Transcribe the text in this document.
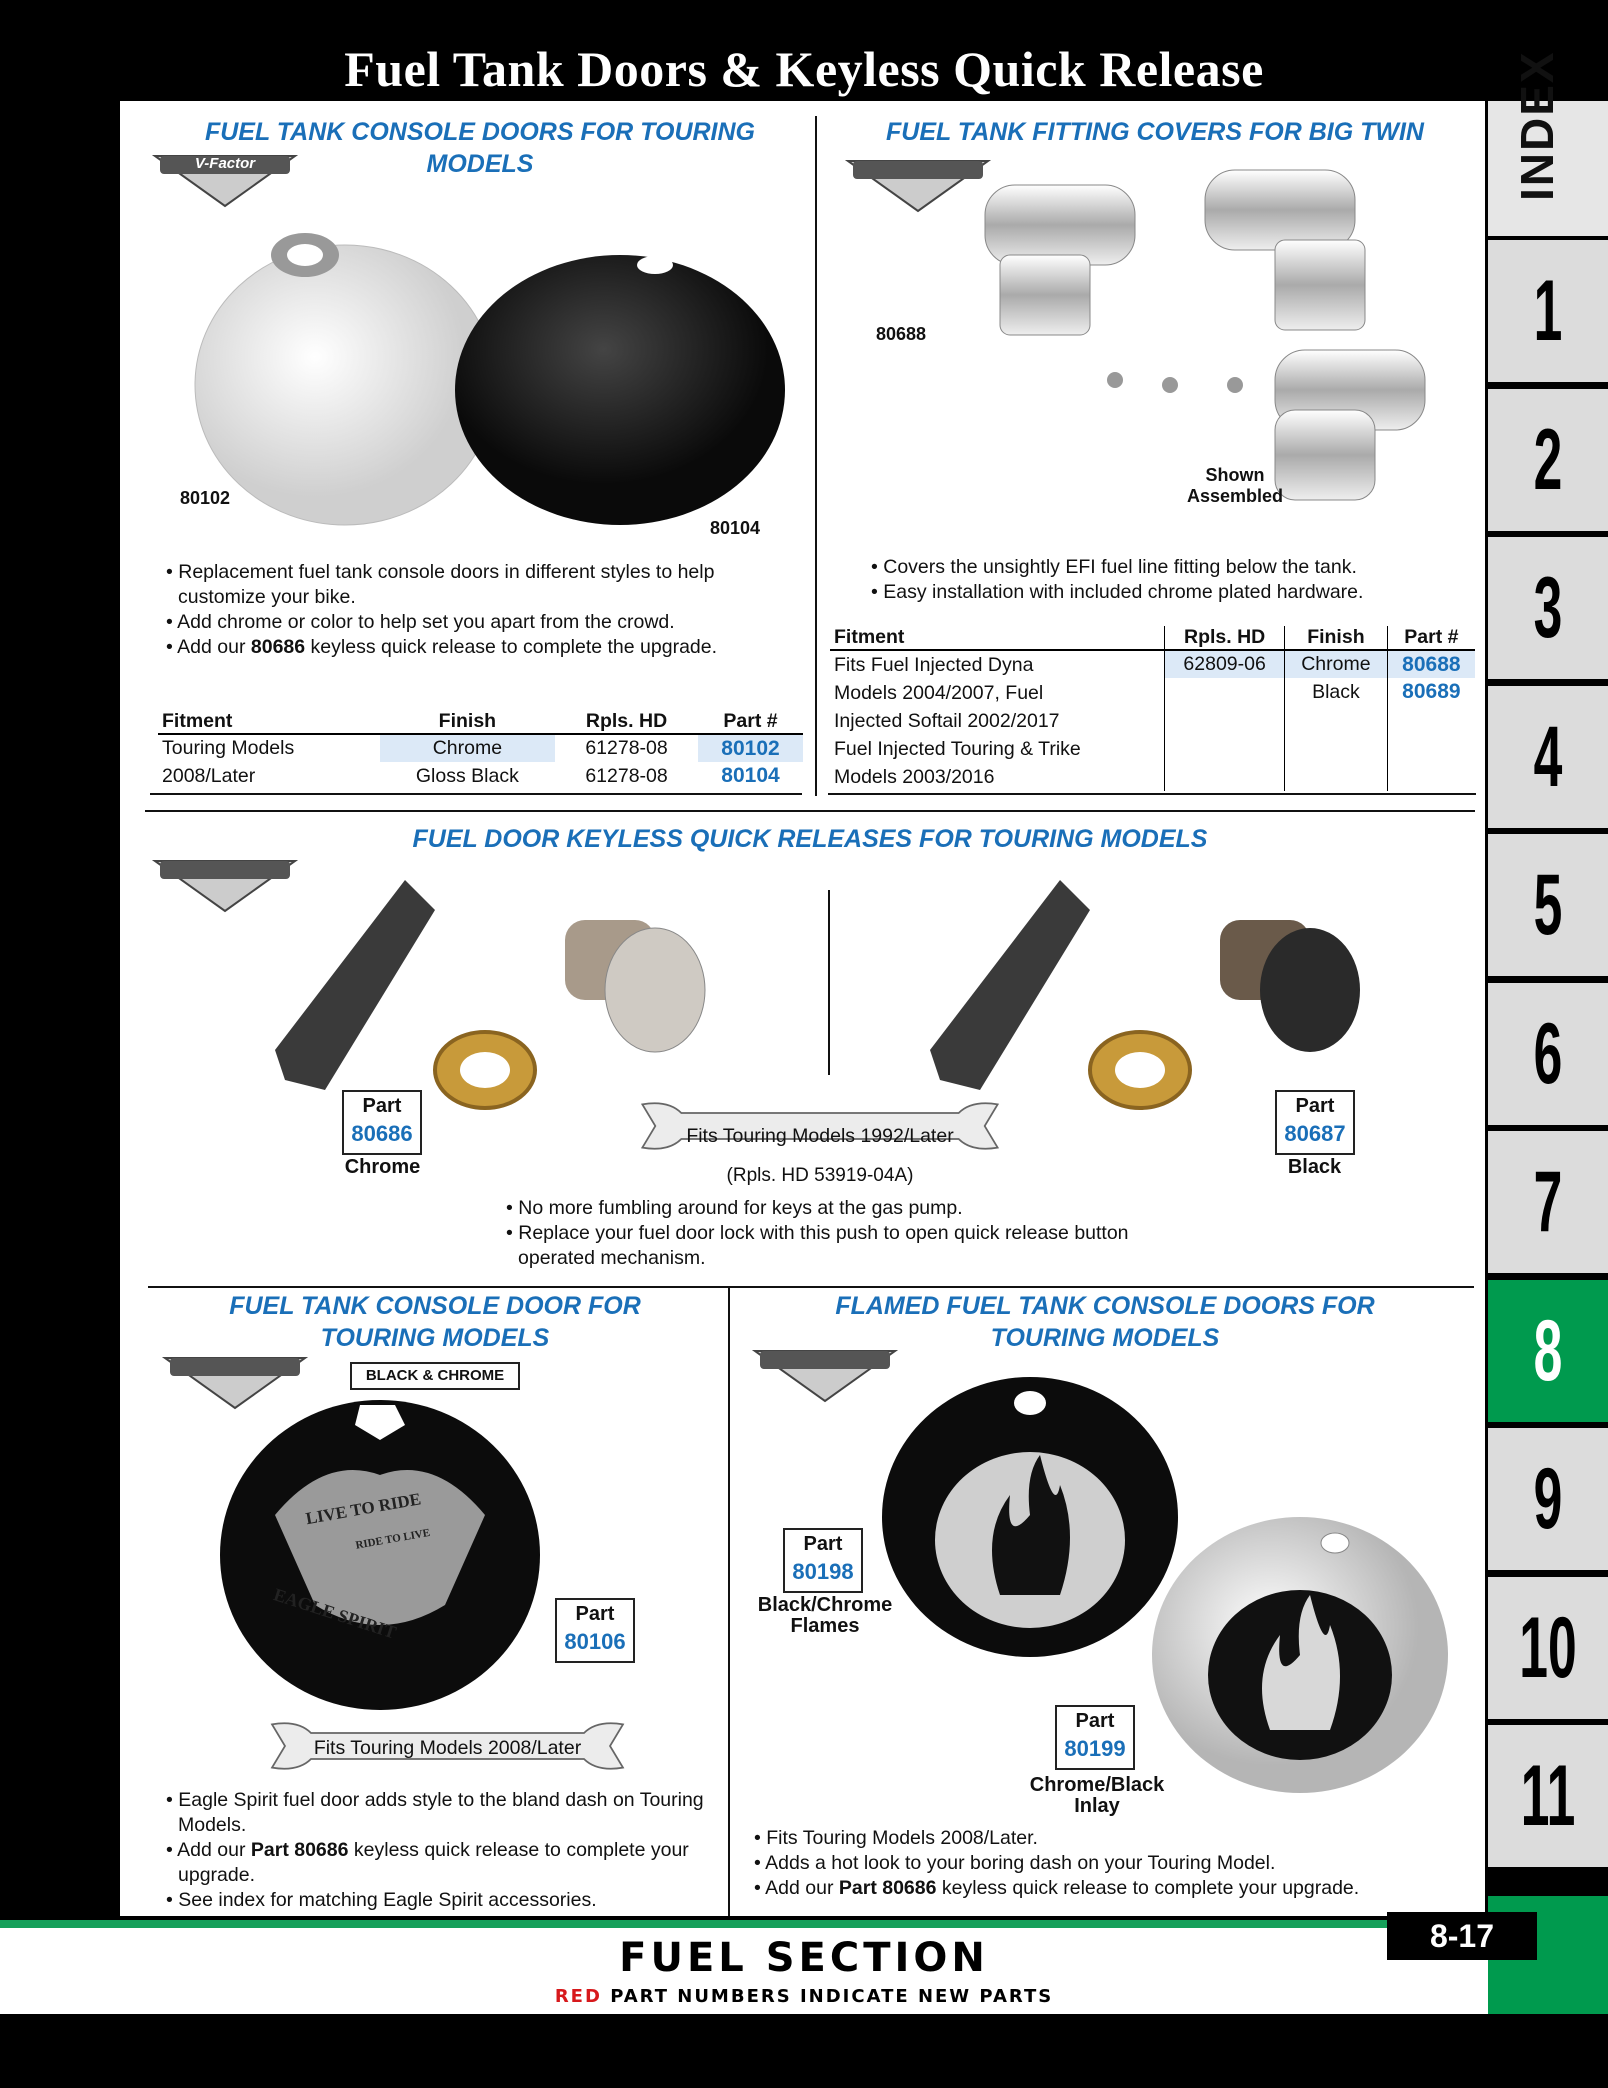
Fuel Tank Doors & Keyless Quick Release	INDEX
1
2
3
4
5
6
7
8
9
10
11
FUEL TANK CONSOLE DOORS FOR TOURING MODELS
V-Factor
80102
80104
• Replacement fuel tank console doors in different styles to help customize your bike.
• Add chrome or color to help set you apart from the crowd.
• Add our 80686 keyless quick release to complete the upgrade.
Fitment	Finish	Rpls. HD	Part #
Touring Models	Chrome	61278-08	80102
2008/Later	Gloss Black	61278-08	80104
FUEL TANK FITTING COVERS FOR BIG TWIN
80688
Shown
Assembled
• Covers the unsightly EFI fuel line fitting below the tank.
• Easy installation with included chrome plated hardware.
Fitment	Rpls. HD	Finish	Part #

Fits Fuel Injected Dyna
Models 2004/2007, Fuel
Injected Softail 2002/2017
Fuel Injected Touring & Trike
Models 2003/2016	62809-06	Chrome	80688
		Black	80689

FUEL DOOR KEYLESS QUICK RELEASES FOR TOURING MODELS
Part
80686
Chrome
Part
80687
Black
Fits Touring Models 1992/Later
(Rpls. HD 53919-04A)
• No more fumbling around for keys at the gas pump.
• Replace your fuel door lock with this push to open quick release button operated mechanism.
FUEL TANK CONSOLE DOOR FOR
TOURING MODELS
BLACK & CHROME
LIVE TO RIDE
RIDE TO LIVE
EAGLE SPIRIT	Part
80106
Fits Touring Models 2008/Later
• Eagle Spirit fuel door adds style to the bland dash on Touring Models.
• Add our Part 80686 keyless quick release to complete your upgrade.
• See index for matching Eagle Spirit accessories.
FLAMED FUEL TANK CONSOLE DOORS FOR
TOURING MODELS
Part
80198
Black/Chrome
Flames
Part
80199
Chrome/Black
Inlay
• Fits Touring Models 2008/Later.
• Adds a hot look to your boring dash on your Touring Model.
• Add our Part 80686 keyless quick release to complete your upgrade.
FUEL SECTION
RED PART NUMBERS INDICATE NEW PARTS
8-17
